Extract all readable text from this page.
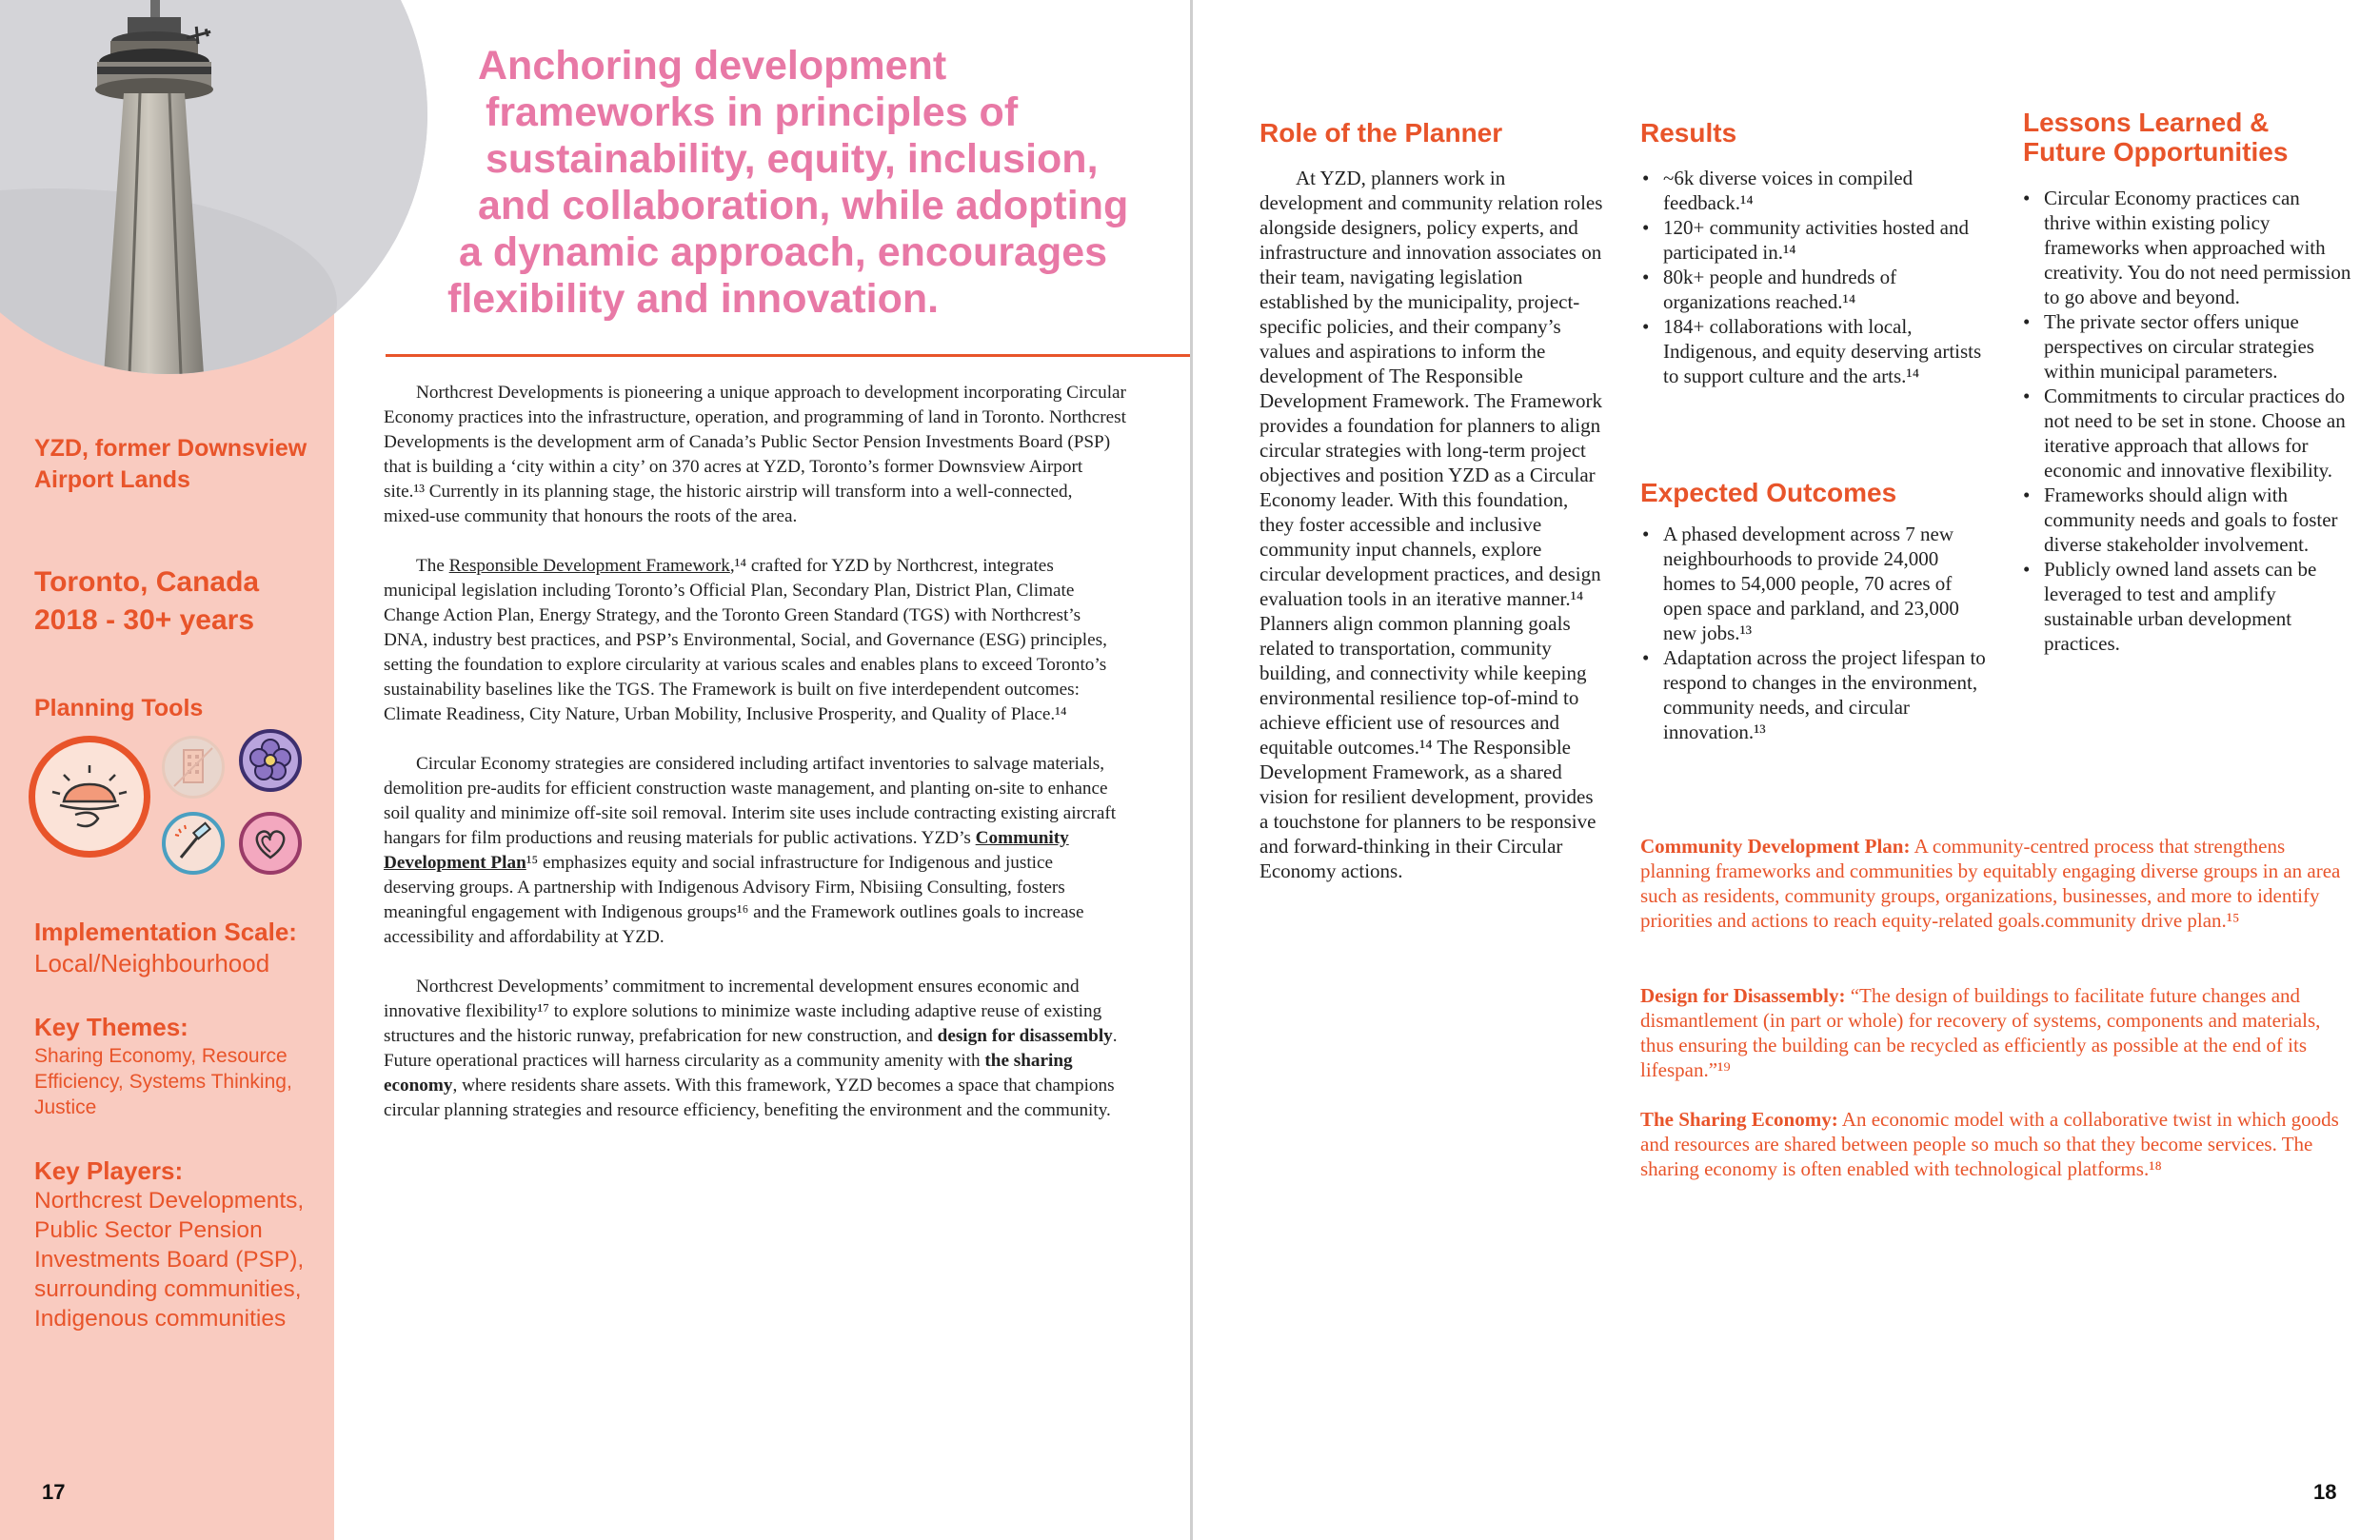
YZD, former Downsview Airport Lands
Toronto, Canada
2018 - 30+ years
Planning Tools
Implementation Scale:
Local/Neighbourhood
Key Themes:
Sharing Economy, Resource Efficiency, Systems Thinking, Justice
Key Players:
Northcrest Developments, Public Sector Pension Investments Board (PSP), surrounding communities, Indigenous communities
17
Anchoring development
frameworks in principles of
sustainability, equity, inclusion,
and collaboration, while adopting
a dynamic approach, encourages
flexibility and innovation.

Northcrest Developments is pioneering a unique approach to development incorporating Circular Economy practices into the infrastructure, operation, and programming of land in Toronto. Northcrest Developments is the development arm of Canada’s Public Sector Pension Investments Board (PSP) that is building a ‘city within a city’ on 370 acres at YZD, Toronto’s former Downsview Airport site.¹³ Currently in its planning stage, the historic airstrip will transform into a well-connected, mixed-use community that honours the roots of the area.

The Responsible Development Framework,¹⁴ crafted for YZD by Northcrest, integrates municipal legislation including Toronto’s Official Plan, Secondary Plan, District Plan, Climate Change Action Plan, Energy Strategy, and the Toronto Green Standard (TGS) with Northcrest’s DNA, industry best practices, and PSP’s Environmental, Social, and Governance (ESG) principles, setting the foundation to explore circularity at various scales and enables plans to exceed Toronto’s sustainability baselines like the TGS. The Framework is built on five interdependent outcomes: Climate Readiness, City Nature, Urban Mobility, Inclusive Prosperity, and Quality of Place.¹⁴

Circular Economy strategies are considered including artifact inventories to salvage materials, demolition pre-audits for efficient construction waste management, and planting on-site to enhance soil quality and minimize off-site soil removal. Interim site uses include contracting existing aircraft hangars for film productions and reusing materials for public activations. YZD’s Community Development Plan¹⁵ emphasizes equity and social infrastructure for Indigenous and justice deserving groups. A partnership with Indigenous Advisory Firm, Nbisiing Consulting, fosters meaningful engagement with Indigenous groups¹⁶ and the Framework outlines goals to increase accessibility and affordability at YZD.

Northcrest Developments’ commitment to incremental development ensures economic and innovative flexibility¹⁷ to explore solutions to minimize waste including adaptive reuse of existing structures and the historic runway, prefabrication for new construction, and design for disassembly. Future operational practices will harness circularity as a community amenity with the sharing economy, where residents share assets. With this framework, YZD becomes a space that champions circular planning strategies and resource efficiency, benefiting the environment and the community.

Role of the Planner
At YZD, planners work in development and community relation roles alongside designers, policy experts, and infrastructure and innovation associates on their team, navigating legislation established by the municipality, project-specific policies, and their company’s values and aspirations to inform the development of The Responsible Development Framework. The Framework provides a foundation for planners to align circular strategies with long-term project objectives and position YZD as a Circular Economy leader. With this foundation, they foster accessible and inclusive community input channels, explore circular development practices, and design evaluation tools in an iterative manner.¹⁴ Planners align common planning goals related to transportation, community building, and connectivity while keeping environmental resilience top-of-mind to achieve efficient use of resources and equitable outcomes.¹⁴ The Responsible Development Framework, as a shared vision for resilient development, provides a touchstone for planners to be responsive and forward-thinking in their Circular Economy actions.
Results
• ~6k diverse voices in compiled feedback.¹⁴
• 120+ community activities hosted and participated in.¹⁴
• 80k+ people and hundreds of organizations reached.¹⁴
• 184+ collaborations with local, Indigenous, and equity deserving artists to support culture and the arts.¹⁴
Expected Outcomes
• A phased development across 7 new neighbourhoods to provide 24,000 homes to 54,000 people, 70 acres of open space and parkland, and 23,000 new jobs.¹³
• Adaptation across the project lifespan to respond to changes in the environment, community needs, and circular innovation.¹³
Lessons Learned &
Future Opportunities
• Circular Economy practices can thrive within existing policy frameworks when approached with creativity. You do not need permission to go above and beyond.
• The private sector offers unique perspectives on circular strategies within municipal parameters.
• Commitments to circular practices do not need to be set in stone. Choose an iterative approach that allows for economic and innovative flexibility.
• Frameworks should align with community needs and goals to foster diverse stakeholder involvement.
• Publicly owned land assets can be leveraged to test and amplify sustainable urban development practices.
Community Development Plan: A community-centred process that strengthens planning frameworks and communities by equitably engaging diverse groups in an area such as residents, community groups, organizations, businesses, and more to identify priorities and actions to reach equity-related goals.community drive plan.¹⁵
Design for Disassembly: “The design of buildings to facilitate future changes and dismantlement (in part or whole) for recovery of systems, components and materials, thus ensuring the building can be recycled as efficiently as possible at the end of its lifespan.”¹⁹
The Sharing Economy: An economic model with a collaborative twist in which goods and resources are shared between people so much so that they become services. The sharing economy is often enabled with technological platforms.¹⁸
18
